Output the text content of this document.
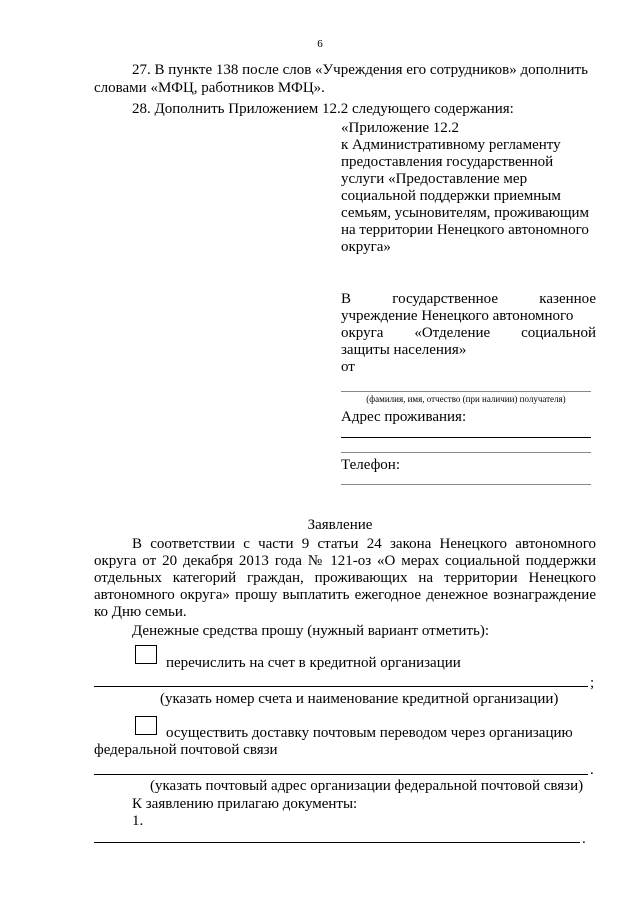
6
27. В пункте 138 после слов «Учреждения его сотрудников» дополнить
словами «МФЦ, работников МФЦ».
28. Дополнить Приложением 12.2 следующего содержания:
«Приложение 12.2
к Административному регламенту
предоставления государственной
услуги «Предоставление мер
социальной поддержки приемным
семьям, усыновителям, проживающим
на территории Ненецкого автономного
округа»
В	государственное	казенное
учреждение Ненецкого автономного
округа «Отделение социальной
защиты населения»
от
(фамилия, имя, отчество (при наличии) получателя)
Адрес проживания:
Телефон:
Заявление
В соответствии с части 9 статьи 24 закона Ненецкого автономного
округа от 20 декабря 2013 года № 121-оз «О мерах социальной поддержки
отдельных категорий граждан, проживающих на территории Ненецкого
автономного округа» прошу выплатить ежегодное денежное вознаграждение
ко Дню семьи.
Денежные средства прошу (нужный вариант отметить):
перечислить на счет в кредитной организации
;
(указать номер счета и наименование кредитной организации)
осуществить доставку почтовым переводом через организацию
федеральной почтовой связи
.
(указать почтовый адрес организации федеральной почтовой связи)
К заявлению прилагаю документы:
1.
.
